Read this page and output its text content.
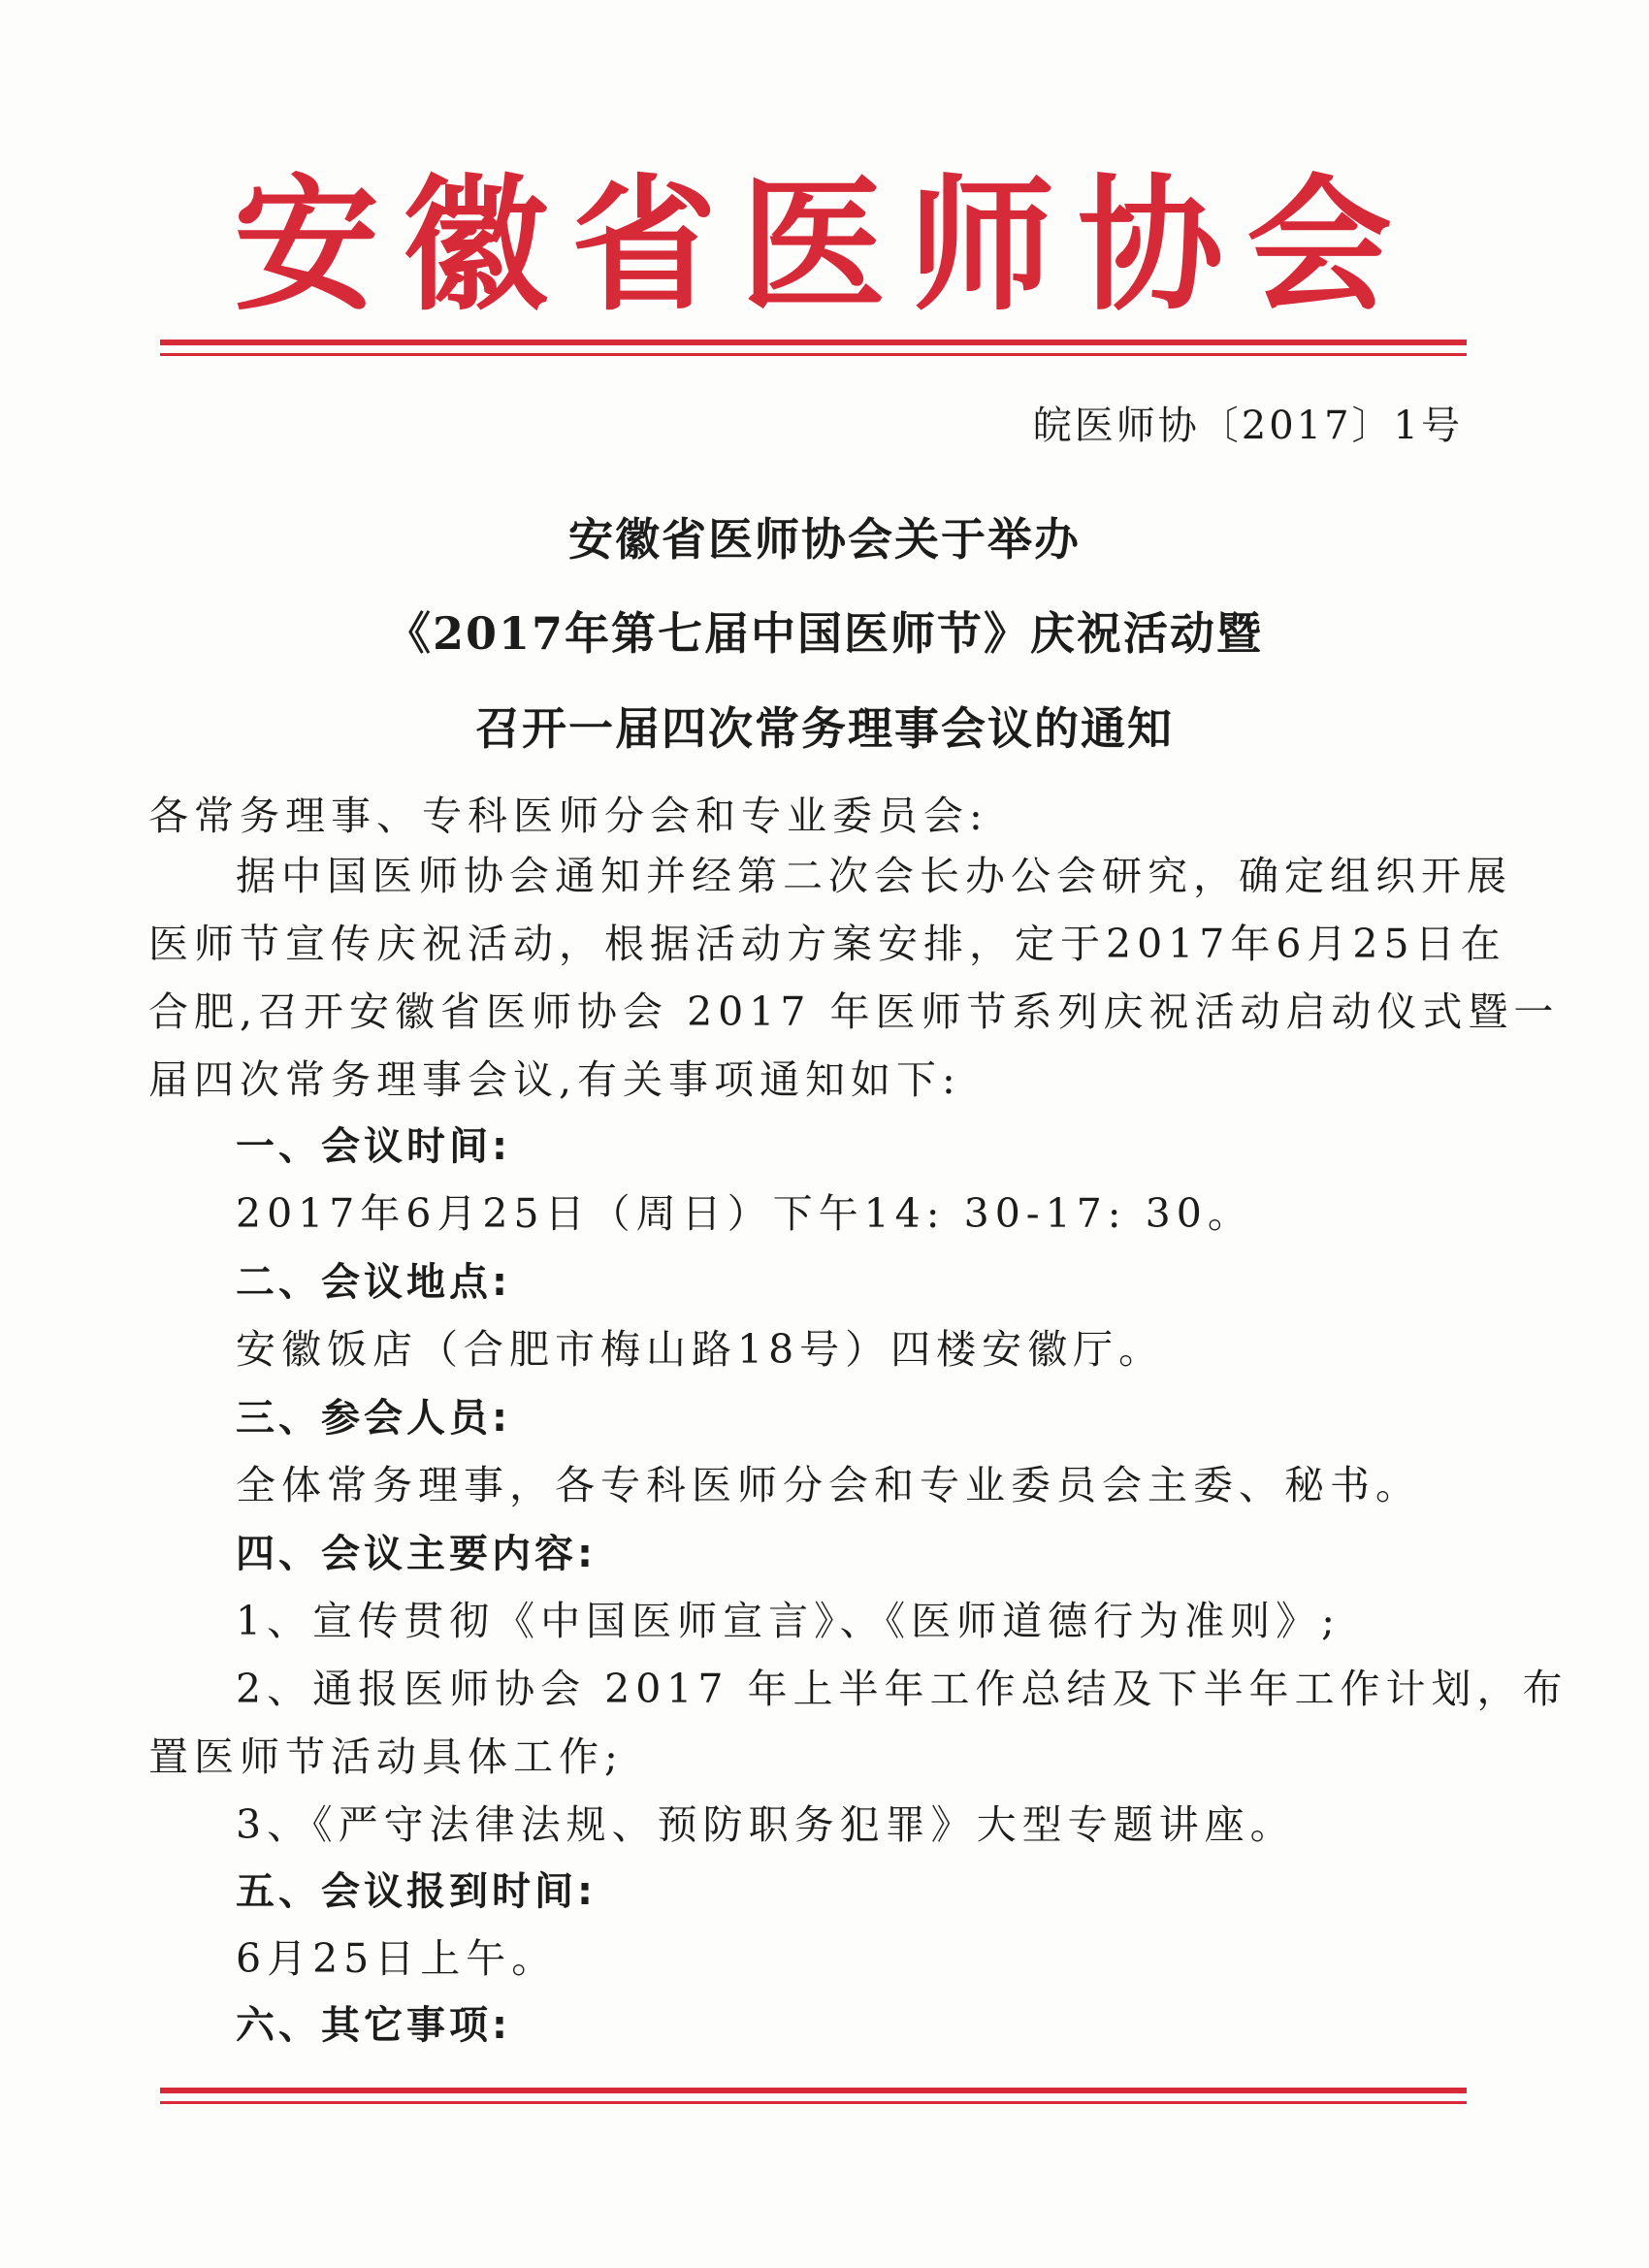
安徽省医师协会
皖医师协〔2017〕1号
安徽省医师协会关于举办
《2017年第七届中国医师节》庆祝活动暨
召开一届四次常务理事会议的通知
各常务理事、专科医师分会和专业委员会:
据中国医师协会通知并经第二次会长办公会研究，确定组织开展
医师节宣传庆祝活动，根据活动方案安排，定于2017年6月25日在
合肥,召开安徽省医师协会 2017 年医师节系列庆祝活动启动仪式暨一
届四次常务理事会议,有关事项通知如下:
一、会议时间:
2017年6月25日（周日）下午14: 30-17: 30。
二、会议地点:
安徽饭店（合肥市梅山路18号）四楼安徽厅。
三、参会人员:
全体常务理事，各专科医师分会和专业委员会主委、秘书。
四、会议主要内容:
1、宣传贯彻《中国医师宣言》、《医师道德行为准则》;
2、通报医师协会 2017 年上半年工作总结及下半年工作计划，布
置医师节活动具体工作;
3、《严守法律法规、预防职务犯罪》大型专题讲座。
五、会议报到时间:
6月25日上午。
六、其它事项:
